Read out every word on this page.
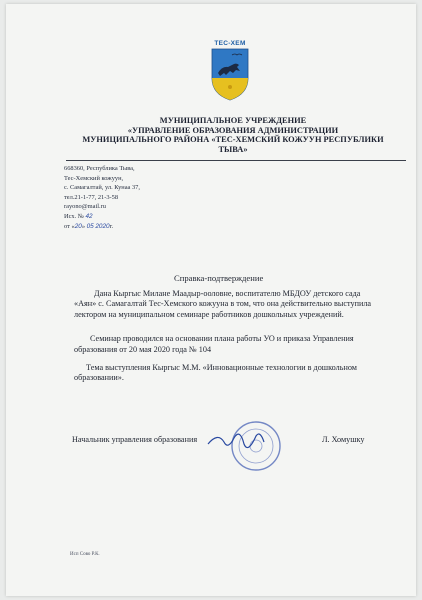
ТЕС-ХЕМ
МУНИЦИПАЛЬНОЕ УЧРЕЖДЕНИЕ
«УПРАВЛЕНИЕ ОБРАЗОВАНИЯ АДМИНИСТРАЦИИ
МУНИЦИПАЛЬНОГО РАЙОНА «ТЕС-ХЕМСКИЙ КОЖУУН РЕСПУБЛИКИ
ТЫВА»
668360, Республика Тыва,
Тес-Хемский кожуун,
с. Самагалтай, ул. Кунаа 37,
тел.21-1-77, 21-3-58
rayono@mail.ru
Исх. № 42
от «20» 05 2020г.
Справка-подтверждение

Дана Кыргыс Милане Маадыр-ооловне, воспитателю МБДОУ детского сада «Аян» с. Самагалтай Тес-Хемского кожууна в том, что она действительно выступила лектором на муниципальном семинаре работников дошкольных учреждений.

Семинар проводился на основании плана работы УО и приказа Управления образования от 20 мая 2020 года № 104

Тема выступления Кыргыс М.М. «Инновационные технологии в дошкольном образовании».

Начальник управления образования	Л. Хомушку
Исп Сово Р.К.
